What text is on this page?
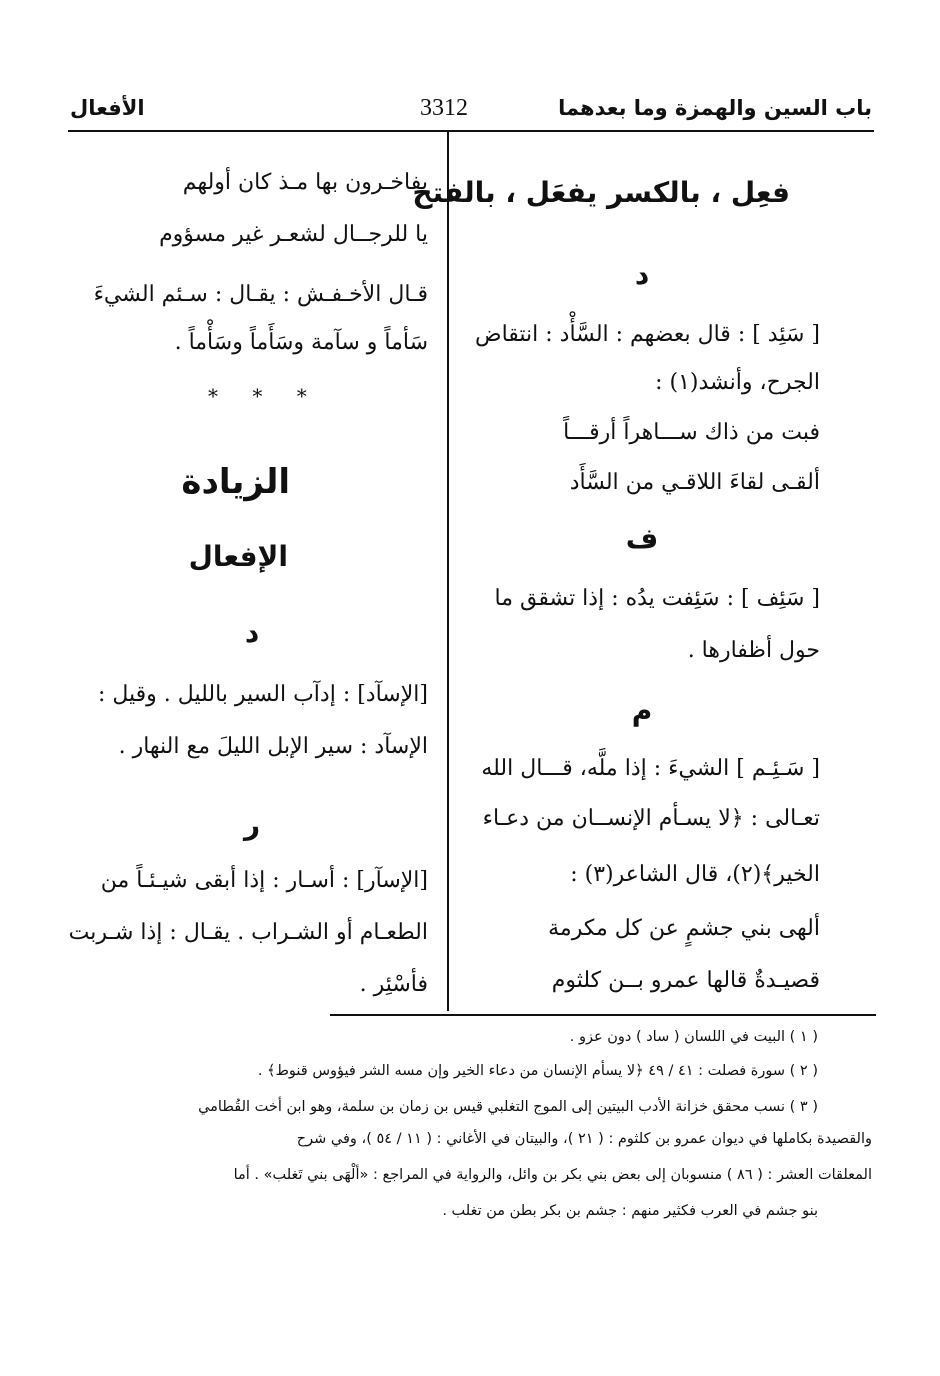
باب السين والهمزة وما بعدهما
3312
الأفعال
فعِل ، بالكسر يفعَل ، بالفتح
د
[ سَئِد ] : قال بعضهم : السَّأْد : انتقاض
الجرح، وأنشد(١) :
فبت من ذاك ســـاهراً أرقـــاً
ألقـى لقاءَ اللاقـي من السَّأَد
ف
[ سَئِف ] : سَئِفت يدُه : إذا تشقق ما
حول أظفارها .
م
[ سَـئِـم ] الشيءَ : إذا ملَّه، قـــال الله
تعـالى : ﴿لا يسـأم الإنســان من دعـاء
الخير﴾(٢)، قال الشاعر(٣) :
ألهى بني جشمٍ عن كل مكرمة
قصيـدةٌ قالها عمرو بــن كلثوم
يفاخـرون بها مـذ كان أولهم
يا للرجــال لشعـر غير مسؤوم
قـال الأخـفـش : يقـال : سـئم الشيءَ
سَأماً و سآمة وسَأَماً وسَأْماً .
* * *
الزيادة
الإفعال
د
[الإسآد] : إدآب السير بالليل . وقيل :
الإسآد : سير الإبل الليلَ مع النهار .
ر
[الإسآر] : أسـار : إذا أبقى شيـئـاً من
الطعـام أو الشـراب . يقـال : إذا شـربت
فأسْئِر .
( ١ ) البيت في اللسان ( ساد ) دون عزو .
( ٢ ) سورة فصلت : ٤١ / ٤٩ ﴿لا يسأم الإنسان من دعاء الخير وإن مسه الشر فيؤوس قنوط﴾ .
( ٣ ) نسب محقق خزانة الأدب البيتين إلى الموج التغلبي قيس بن زمان بن سلمة، وهو ابن أخت القُطامي
والقصيدة بكاملها في ديوان عمرو بن كلثوم : ( ٢١ )، والبيتان في الأغاني : ( ١١ / ٥٤ )، وفي شرح
المعلقات العشر : ( ٨٦ ) منسوبان إلى بعض بني بكر بن وائل، والرواية في المراجع : «ألْهَى بني تَغلب» . أما
بنو جشم في العرب فكثير منهم : جشم بن بكر بطن من تغلب .
